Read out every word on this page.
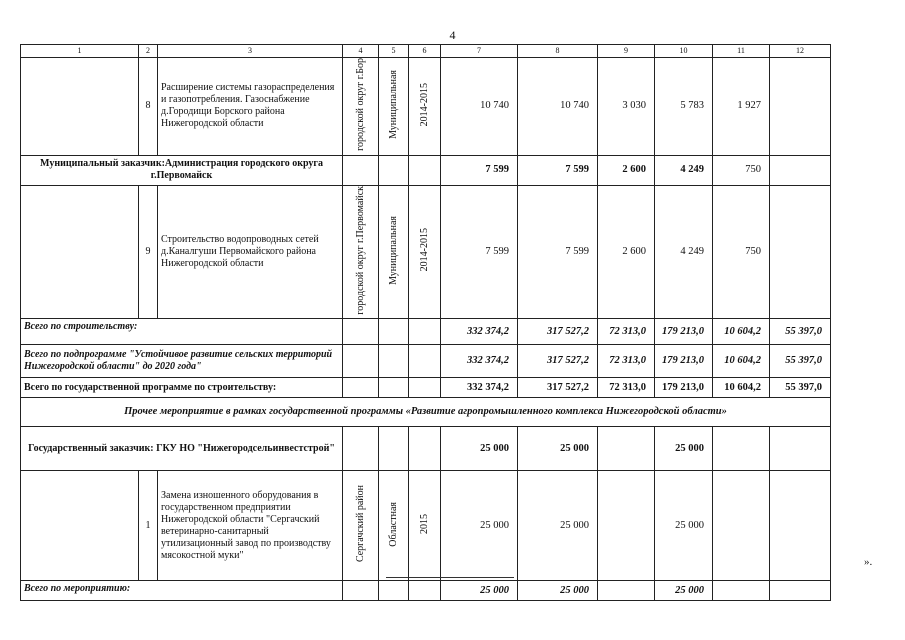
4
1	2	3	4	5	6	7	8	9	10	11	12
	8	Расширение системы газораспределения и газопотребления. Газоснабжение д.Городищи Борского района Нижегородской области	городской округ г.Бор	Муниципальная	2014-2015	10 740	10 740	3 030	5 783	1 927	
Муниципальный заказчик:Администрация городского округа г.Первомайск						7 599	7 599	2 600	4 249	750	
	9	Строительство водопроводных сетей д.Каналгуши Первомайского района Нижегородской области	городской округ г.Первомайск	Муниципальная	2014-2015	7 599	7 599	2 600	4 249	750	
Всего по строительству:						332 374,2	317 527,2	72 313,0	179 213,0	10 604,2	55 397,0
Всего по подпрограмме "Устойчивое развитие сельских территорий Нижегородской области" до 2020 года"						332 374,2	317 527,2	72 313,0	179 213,0	10 604,2	55 397,0
Всего по государственной программе по строительству:						332 374,2	317 527,2	72 313,0	179 213,0	10 604,2	55 397,0
Прочее мероприятие в рамках государственной программы «Развитие агропромышленного комплекса Нижегородской области»											
Государственный заказчик: ГКУ НО "Нижегородсельинвестстрой"						25 000	25 000		25 000		
	1	Замена изношенного оборудования в государственном предприятии Нижегородской области "Сергачский ветеринарно-санитарный утилизационный завод по производству мясокостной муки"	Сергачский район	Областная	2015	25 000	25 000		25 000		
Всего по мероприятию:						25 000	25 000		25 000		
».
